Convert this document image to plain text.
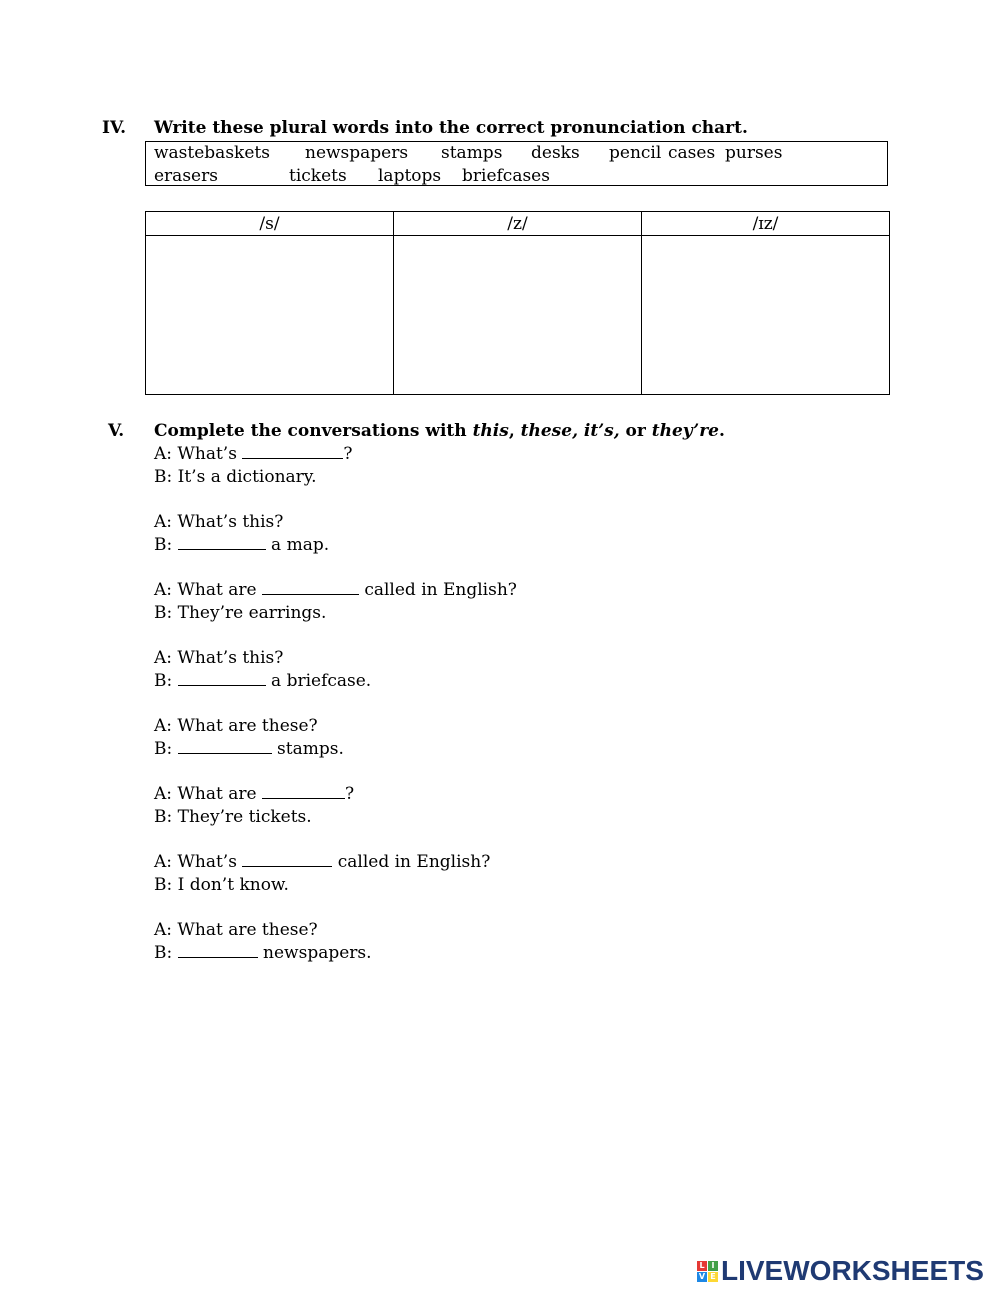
IV. Write these plural words into the correct pronunciation chart.
wastebaskets newspapers stamps desks pencil cases purses
erasers	tickets laptops briefcases
/s/	/z/	/ɪz/

V. Complete the conversations with this, these, it’s, or they’re.
A: What’s	?
B: It’s a dictionary.
A: What’s this?
B:	a map.
A: What are	called in English?
B: They’re earrings.
A: What’s this?
B:	a briefcase.
A: What are these?
B:	stamps.
A: What are	?
B: They’re tickets.
A: What’s	called in English?
B: I don’t know.
A: What are these?
B:	newspapers.
L I
V E LIVEWORKSHEETS
